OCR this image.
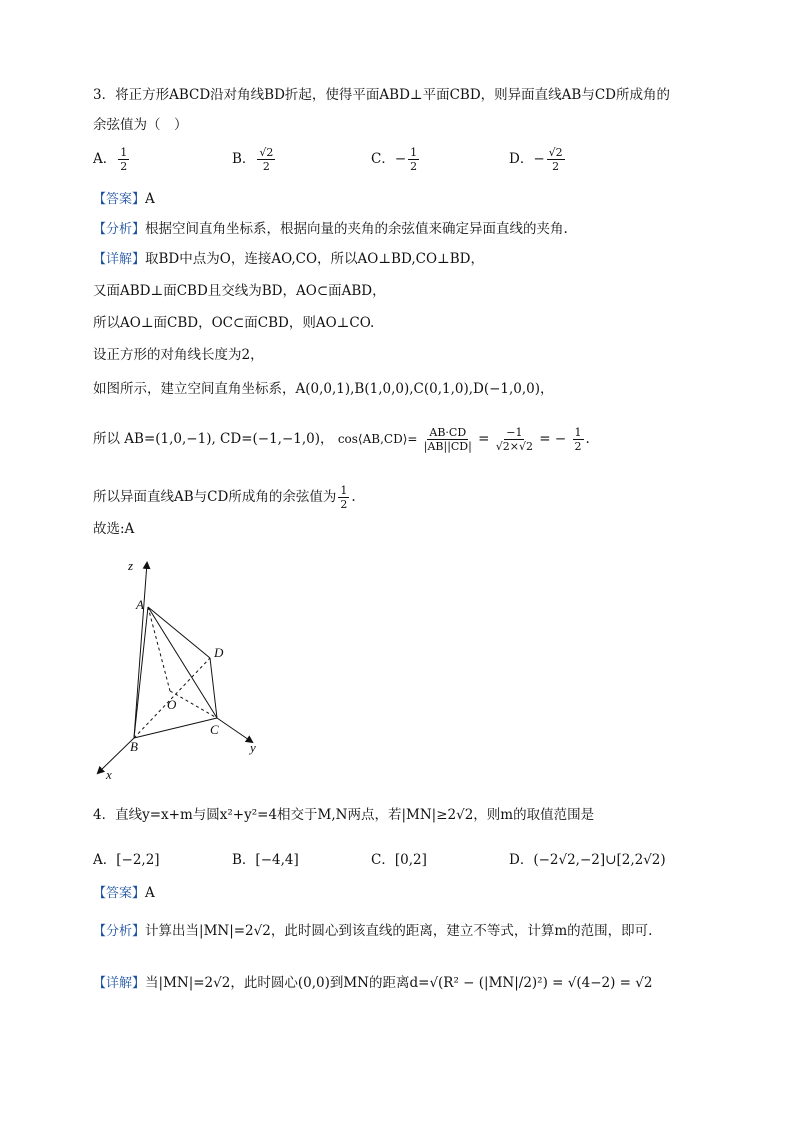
3．将正方形ABCD沿对角线BD折起，使得平面ABD⊥平面CBD，则异面直线AB与CD所成角的
余弦值为（　）
A． $\frac{1}{2}$	B． $\frac{√2}{2}$	C．− $\frac{1}{2}$	D．− $\frac{√2}{2}$
【答案】A
【分析】根据空间直角坐标系，根据向量的夹角的余弦值来确定异面直线的夹角.
【详解】取BD中点为O，连接AO,CO，所以AO⊥BD,CO⊥BD，
又面ABD⊥面CBD且交线为BD，AO⊂面ABD，
所以AO⊥面CBD，OC⊂面CBD，则AO⊥CO.
设正方形的对角线长度为2，
如图所示，建立空间直角坐标系，A(0,0,1),B(1,0,0),C(0,1,0),D(−1,0,0)，
所以 AB=(1,0,−1), CD=(−1,−1,0)， cos⟨AB,CD⟩= $\frac{AB\cdot CD}{|AB||CD|} = \frac{-1}{√2\times√2}$ = − $\frac{1}{2}$ .
所以异面直线AB与CD所成角的余弦值为 $\frac{1}{2}$ .
故选:A
z
A
D
O
B
C
y
x
4．直线y=x+m与圆x²+y²=4相交于M,N两点，若|MN|≥2√2，则m的取值范围是
A．[−2,2]	B．[−4,4]	C．[0,2]	D．(−2√2,−2]∪[2,2√2)
【答案】A
【分析】计算出当|MN|=2√2，此时圆心到该直线的距离，建立不等式，计算m的范围，即可.
【详解】当|MN|=2√2，此时圆心(0,0)到MN的距离d=√(R² − (|MN|/2)²) = √(4−2) = √2
